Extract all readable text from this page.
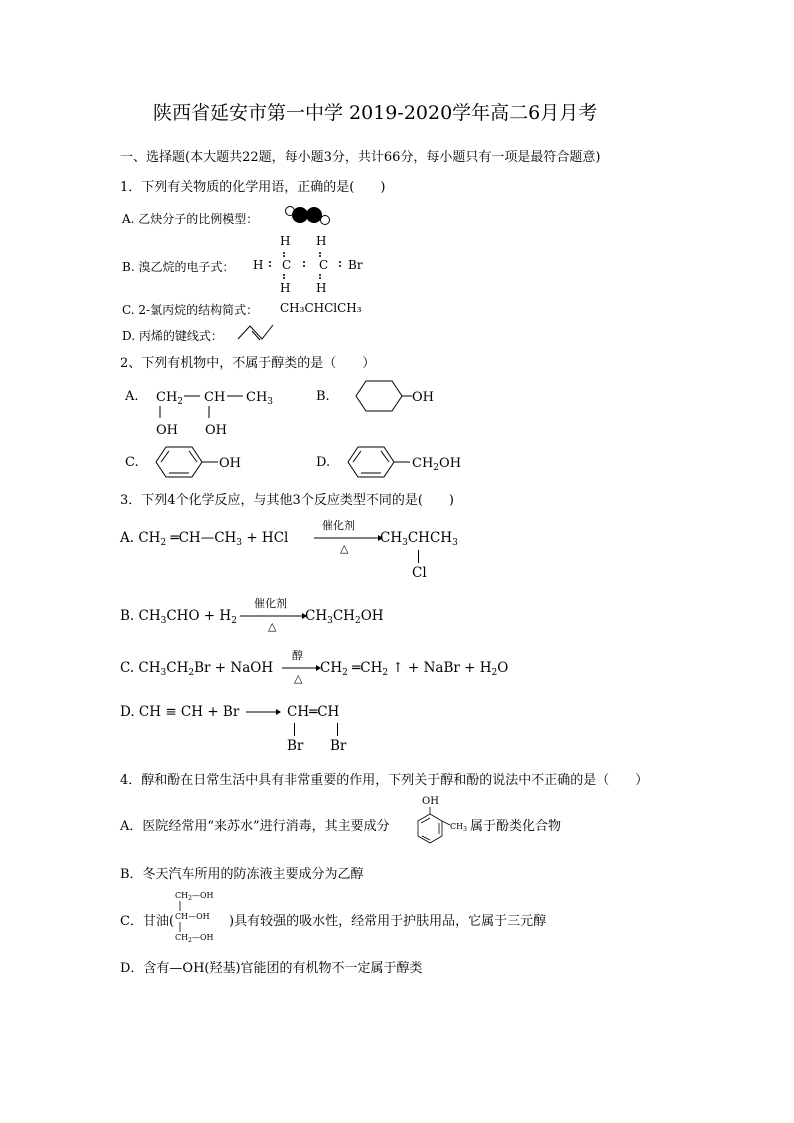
陕西省延安市第一中学 2019-2020学年高二6月月考
一、选择题(本大题共22题，每小题3分，共计66分，每小题只有一项是最符合题意)
1．下列有关物质的化学用语，正确的是(　　)
A. 乙炔分子的比例模型：
B. 溴乙烷的电子式：
H H
H C C Br
H H
C. 2-氯丙烷的结构简式： CH₃CHClCH₃
D. 丙烯的键线式：
2、下列有机物中，不属于醇类的是（　　）
A. $CH_2$ CH $CH_3$
OH OH
B.	OH
C.	OH	D.	$CH_2OH$
3．下列4个化学反应，与其他3个反应类型不同的是(　　)
A. $CH_2$ $═CH—CH_3$ + HCl
催化剂
△
$CH_3CHCH_3$
Cl
B. $CH_3CHO + H_2$
催化剂
△
$CH_3CH_2OH$
C. $CH_3CH_2Br$ + NaOH
醇
△
$CH_2$ $═CH_2$ ↑ + NaBr + $H_2O$
D. CH ≡ CH + Br	CH═CH
Br Br
4．醇和酚在日常生活中具有非常重要的作用，下列关于醇和酚的说法中不正确的是（　　）
A．医院经常用“来苏水”进行消毒，其主要成分
OH
$CH_3$ 属于酚类化合物
B．冬天汽车所用的防冻液主要成分为乙醇
C．甘油(
$CH_2—OH$
CH—OH
$CH_2—OH$
)具有较强的吸水性，经常用于护肤用品，它属于三元醇
D．含有—OH(羟基)官能团的有机物不一定属于醇类
